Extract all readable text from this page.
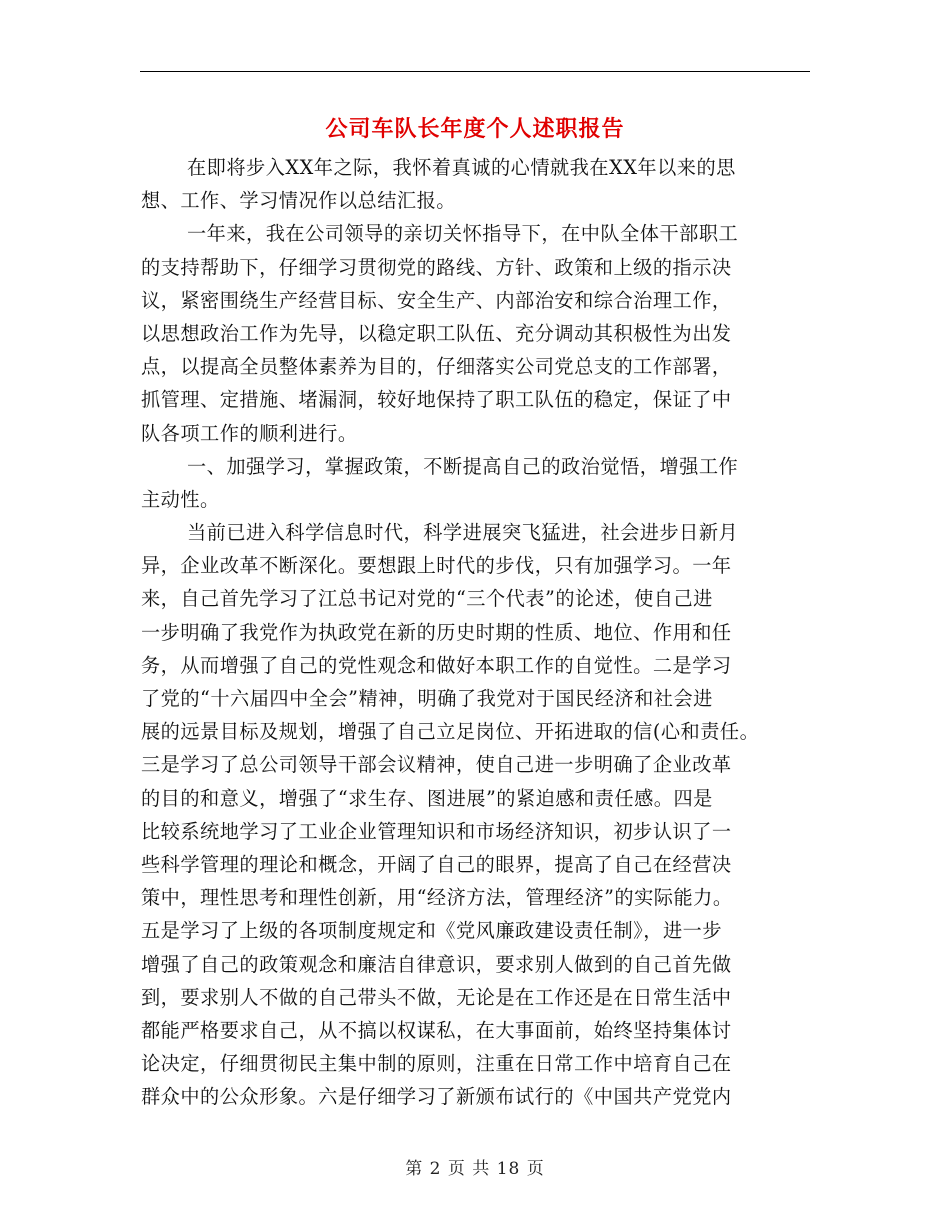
公司车队长年度个人述职报告
在即将步入XX年之际，我怀着真诚的心情就我在XX年以来的思
想、工作、学习情况作以总结汇报。
一年来，我在公司领导的亲切关怀指导下，在中队全体干部职工
的支持帮助下，仔细学习贯彻党的路线、方针、政策和上级的指示决
议，紧密围绕生产经营目标、安全生产、内部治安和综合治理工作，
以思想政治工作为先导，以稳定职工队伍、充分调动其积极性为出发
点，以提高全员整体素养为目的，仔细落实公司党总支的工作部署，
抓管理、定措施、堵漏洞，较好地保持了职工队伍的稳定，保证了中
队各项工作的顺利进行。
一、加强学习，掌握政策，不断提高自己的政治觉悟，增强工作
主动性。
当前已进入科学信息时代，科学进展突飞猛进，社会进步日新月
异，企业改革不断深化。要想跟上时代的步伐，只有加强学习。一年
来，自己首先学习了江总书记对党的“三个代表”的论述，使自己进
一步明确了我党作为执政党在新的历史时期的性质、地位、作用和任
务，从而增强了自己的党性观念和做好本职工作的自觉性。二是学习
了党的“十六届四中全会”精神，明确了我党对于国民经济和社会进
展的远景目标及规划，增强了自己立足岗位、开拓进取的信(心和责任。
三是学习了总公司领导干部会议精神，使自己进一步明确了企业改革
的目的和意义，增强了“求生存、图进展”的紧迫感和责任感。四是
比较系统地学习了工业企业管理知识和市场经济知识，初步认识了一
些科学管理的理论和概念，开阔了自己的眼界，提高了自己在经营决
策中，理性思考和理性创新，用“经济方法，管理经济”的实际能力。
五是学习了上级的各项制度规定和《党风廉政建设责任制》，进一步
增强了自己的政策观念和廉洁自律意识，要求别人做到的自己首先做
到，要求别人不做的自己带头不做，无论是在工作还是在日常生活中
都能严格要求自己，从不搞以权谋私，在大事面前，始终坚持集体讨
论决定，仔细贯彻民主集中制的原则，注重在日常工作中培育自己在
群众中的公众形象。六是仔细学习了新颁布试行的《中国共产党党内
第 2 页 共 18 页
